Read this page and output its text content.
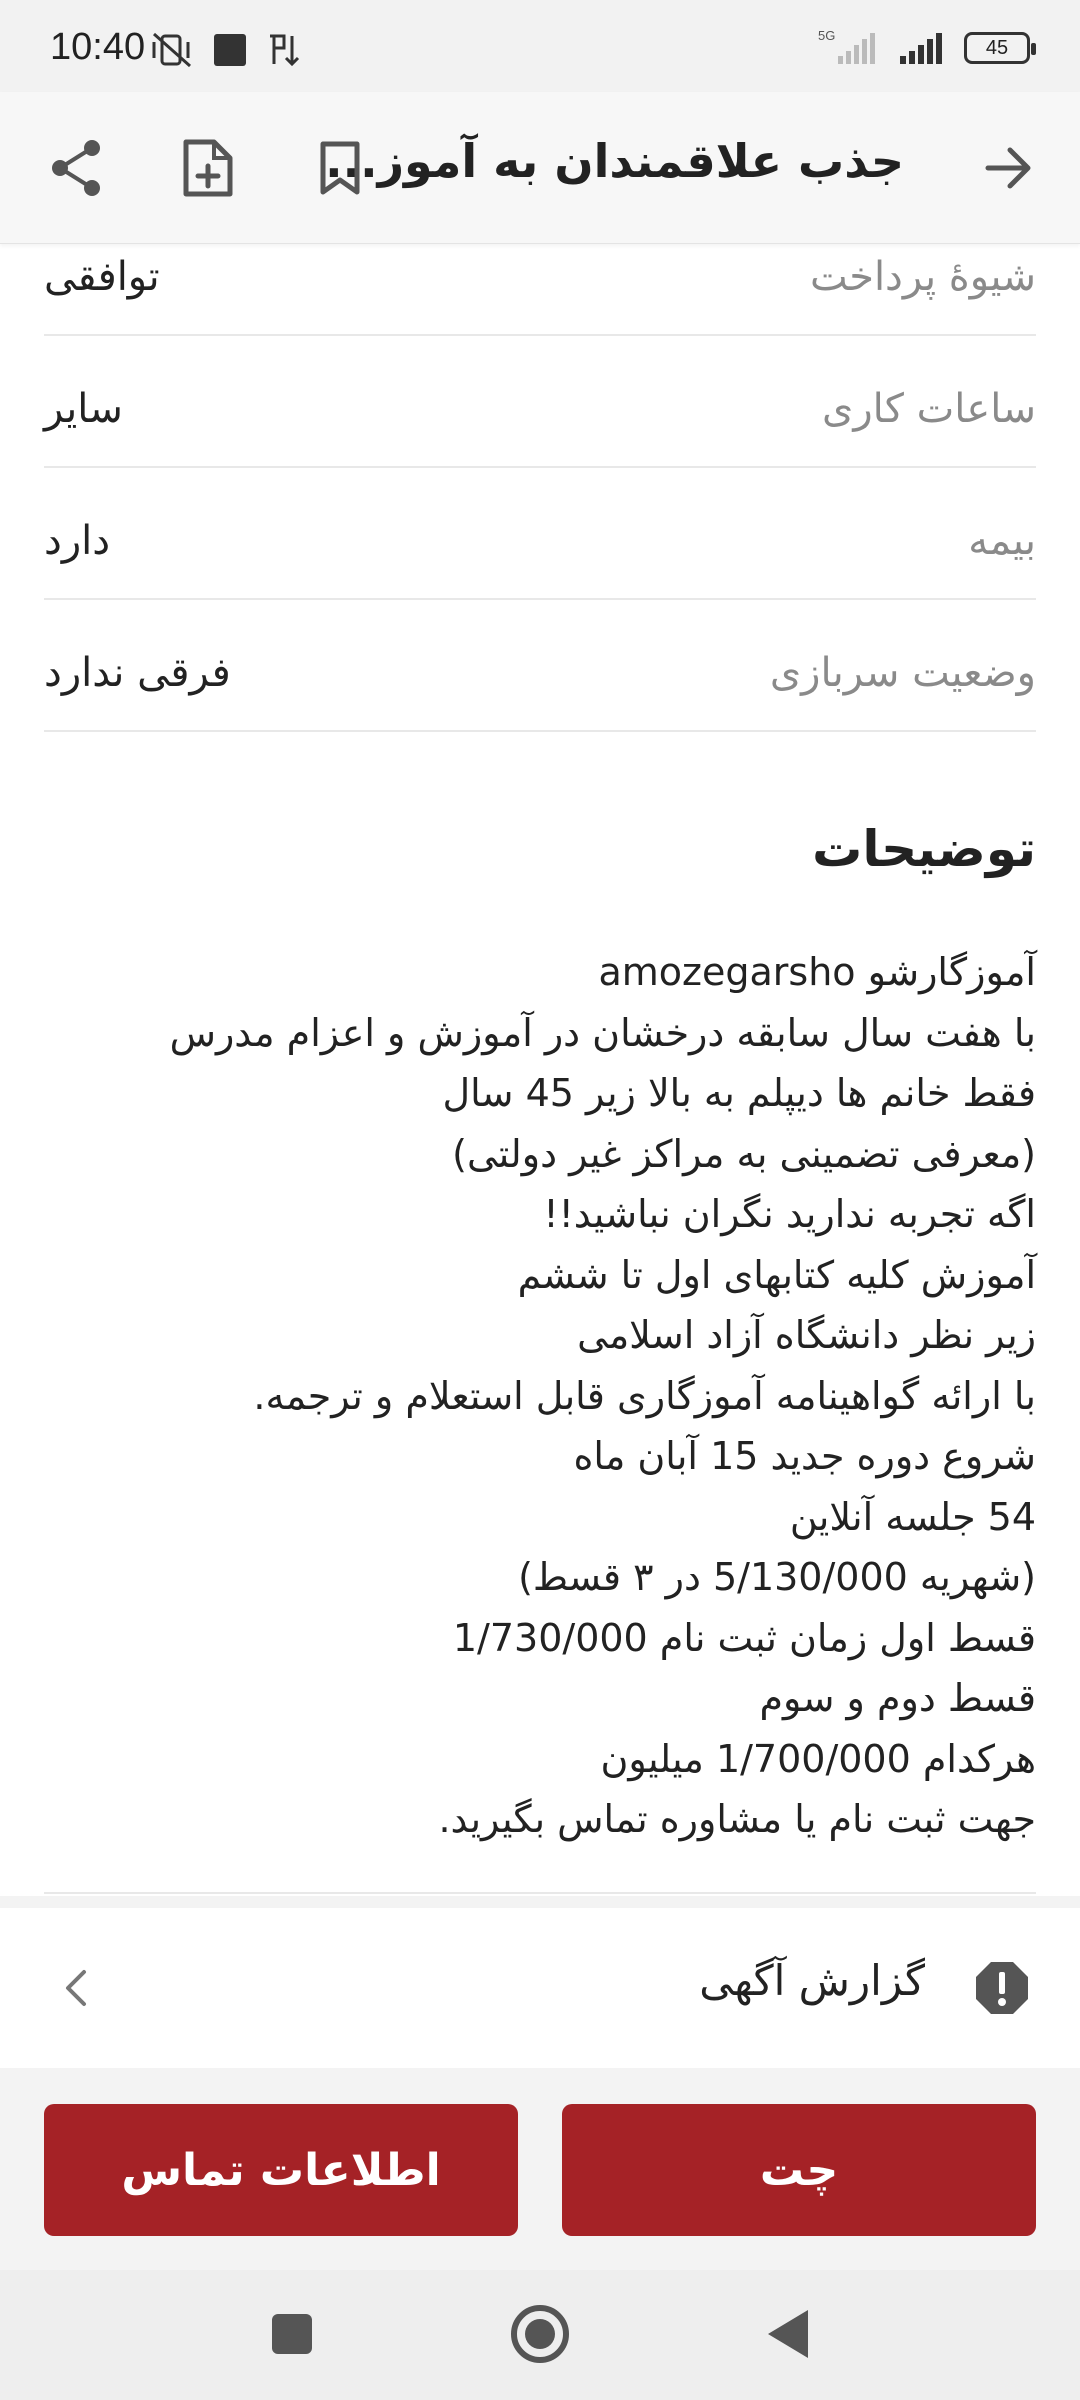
10:40	5G
45
جذب علاقمندان به آموز...
شیوهٔ پرداخت
توافقی
ساعات کاری
سایر
بیمه
دارد
وضعیت سربازی
فرقی ندارد
توضیحات
آموزگارشو amozegarsho
با هفت سال سابقه درخشان در آموزش و اعزام مدرس
فقط خانم ها دیپلم به بالا زیر 45 سال
(معرفی تضمینی به مراکز غیر دولتی)
اگه تجربه ندارید نگران نباشید!!
آموزش کلیه کتابهای اول تا ششم
زیر نظر دانشگاه آزاد اسلامی
با ارائه گواهینامه آموزگاری قابل استعلام و ترجمه.
شروع دوره جدید 15 آبان ماه
54 جلسه آنلاین
(شهریه 5/130/000 در ۳ قسط)
قسط اول زمان ثبت نام 1/730/000
قسط دوم و سوم
هرکدام 1/700/000 میلیون
جهت ثبت نام یا مشاوره تماس بگیرید.
گزارش آگهی
اطلاعات تماس	چت
